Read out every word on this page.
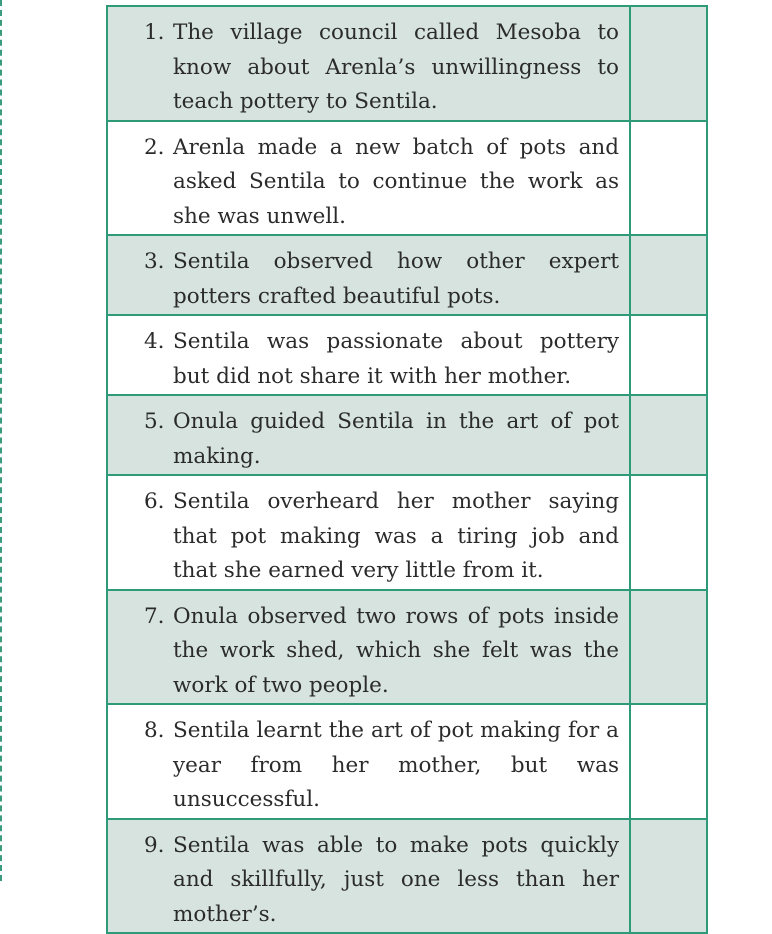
1. The village council called Mesoba to know about Arenla’s unwillingness to teach pottery to Sentila.	

2. Arenla made a new batch of pots and asked Sentila to continue the work as she was unwell.	

3. Sentila observed how other expert potters crafted beautiful pots.	

4. Sentila was passionate about pottery but did not share it with her mother.	

5. Onula guided Sentila in the art of pot making.	

6. Sentila overheard her mother saying that pot making was a tiring job and that she earned very little from it.	

7. Onula observed two rows of pots inside the work shed, which she felt was the work of two people.	

8. Sentila learnt the art of pot making for a year from her mother, but was unsuccessful.	

9. Sentila was able to make pots quickly and skillfully, just one less than her mother’s.	
